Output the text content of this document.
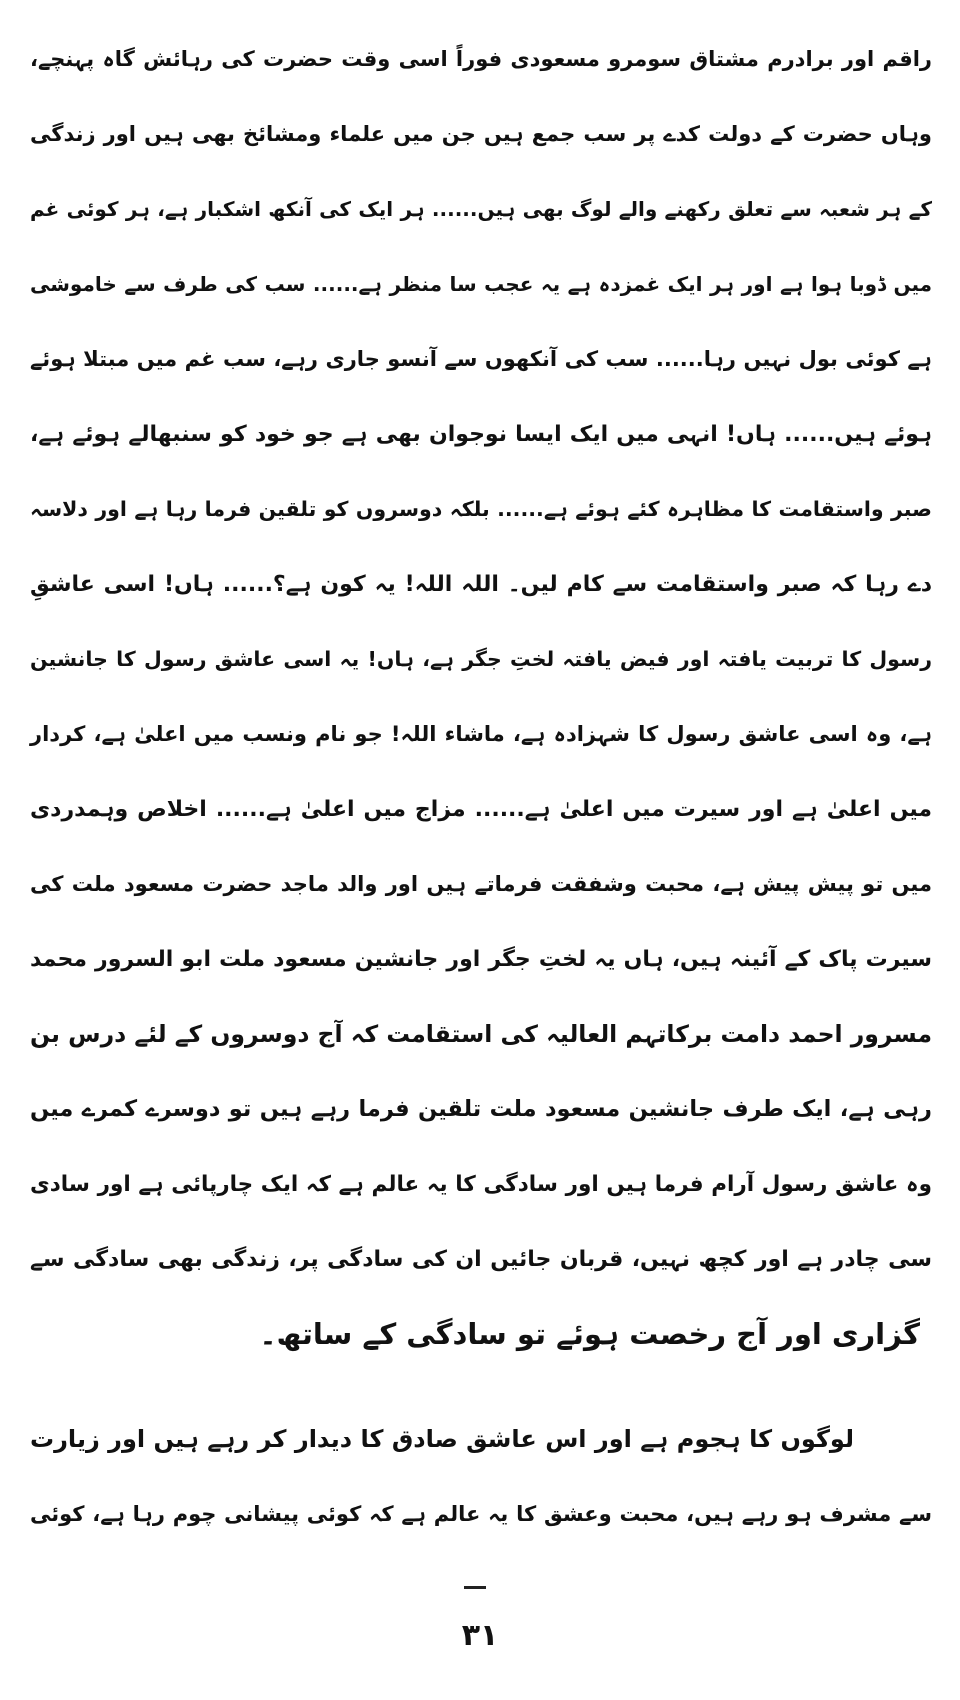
راقم اور برادرم مشتاق سومرو مسعودی فوراً اسی وقت حضرت کی رہائش گاہ پہنچے،
وہاں حضرت کے دولت کدے پر سب جمع ہیں جن میں علماء ومشائخ بھی ہیں اور زندگی
کے ہر شعبہ سے تعلق رکھنے والے لوگ بھی ہیں...... ہر ایک کی آنکھ اشکبار ہے، ہر کوئی غم
میں ڈوبا ہوا ہے اور ہر ایک غمزدہ ہے یہ عجب سا منظر ہے...... سب کی طرف سے خاموشی
ہے کوئی بول نہیں رہا...... سب کی آنکھوں سے آنسو جاری رہے، سب غم میں مبتلا ہوئے
ہوئے ہیں...... ہاں! انہی میں ایک ایسا نوجوان بھی ہے جو خود کو سنبھالے ہوئے ہے،
صبر واستقامت کا مظاہرہ کئے ہوئے ہے...... بلکہ دوسروں کو تلقین فرما رہا ہے اور دلاسہ
دے رہا کہ صبر واستقامت سے کام لیں۔ اللہ اللہ! یہ کون ہے؟...... ہاں! اسی عاشقِ
رسول کا تربیت یافتہ اور فیض یافتہ لختِ جگر ہے، ہاں! یہ اسی عاشق رسول کا جانشین
ہے، وہ اسی عاشق رسول کا شہزادہ ہے، ماشاء اللہ! جو نام ونسب میں اعلیٰ ہے، کردار
میں اعلیٰ ہے اور سیرت میں اعلیٰ ہے...... مزاج میں اعلیٰ ہے...... اخلاص وہمدردی
میں تو پیش پیش ہے، محبت وشفقت فرماتے ہیں اور والد ماجد حضرت مسعود ملت کی
سیرت پاک کے آئینہ ہیں، ہاں یہ لختِ جگر اور جانشین مسعود ملت ابو السرور محمد
مسرور احمد دامت برکاتہم العالیہ کی استقامت کہ آج دوسروں کے لئے درس بن
رہی ہے، ایک طرف جانشین مسعود ملت تلقین فرما رہے ہیں تو دوسرے کمرے میں
وہ عاشق رسول آرام فرما ہیں اور سادگی کا یہ عالم ہے کہ ایک چارپائی ہے اور سادی
سی چادر ہے اور کچھ نہیں، قربان جائیں ان کی سادگی پر، زندگی بھی سادگی سے
گزاری اور آج رخصت ہوئے تو سادگی کے ساتھ۔
لوگوں کا ہجوم ہے اور اس عاشق صادق کا دیدار کر رہے ہیں اور زیارت
سے مشرف ہو رہے ہیں، محبت وعشق کا یہ عالم ہے کہ کوئی پیشانی چوم رہا ہے، کوئی
۳۱
